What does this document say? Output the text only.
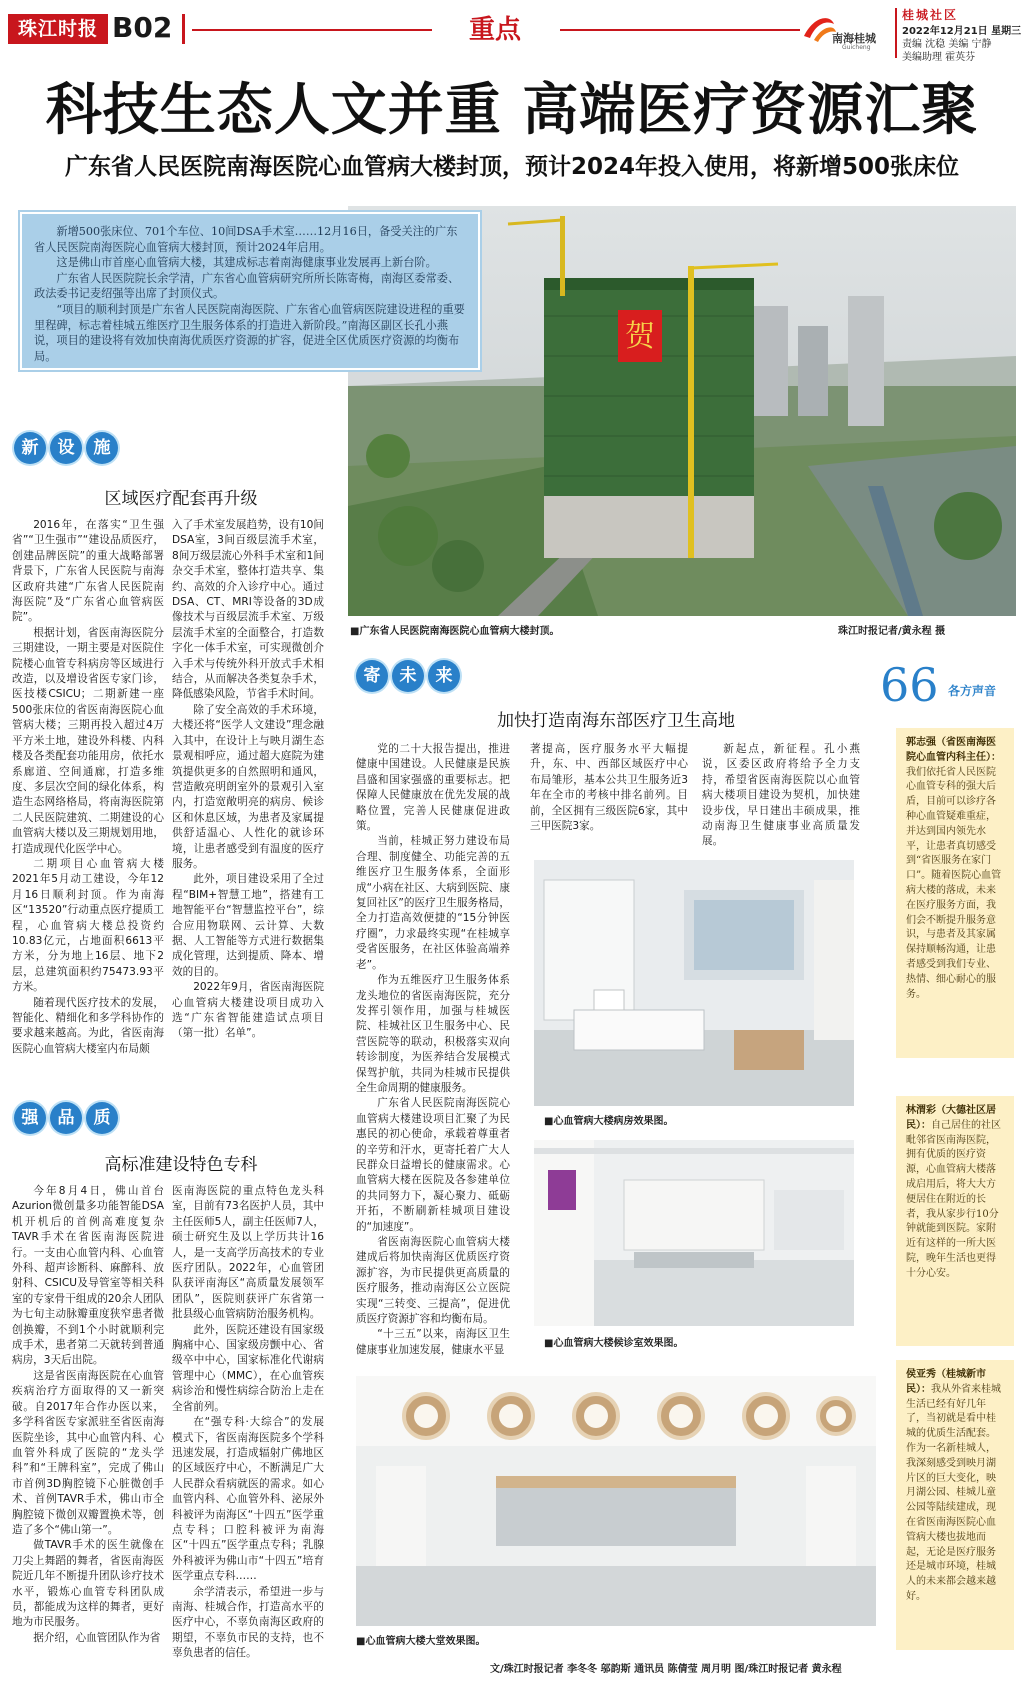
珠江时报 B02	重点	南海桂城
Guicheng
桂城社区
2022年12月21日 星期三
责编 沈稳 美编 宁静
美编助理 霍英芬
科技生态人文并重 高端医疗资源汇聚
广东省人民医院南海医院心血管病大楼封顶，预计2024年投入使用，将新增500张床位
贺
■广东省人民医院南海医院心血管病大楼封顶。	珠江时报记者/黄永程 摄

新增500张床位、701个车位、10间DSA手术室……12月16日，备受关注的广东省人民医院南海医院心血管病大楼封顶，预计2024年启用。

这是佛山市首座心血管病大楼，其建成标志着南海健康事业发展再上新台阶。

广东省人民医院院长余学清，广东省心血管病研究所所长陈寄梅，南海区委常委、政法委书记麦绍强等出席了封顶仪式。

“项目的顺利封顶是广东省人民医院南海医院、广东省心血管病医院建设进程的重要里程碑，标志着桂城五维医疗卫生服务体系的打造进入新阶段。”南海区副区长孔小燕说，项目的建设将有效加快南海优质医疗资源的扩容，促进全区优质医疗资源的均衡布局。

新	设	施
区域医疗配套再升级

2016年，在落实“卫生强省”“卫生强市”“建设品质医疗，创建品牌医院”的重大战略部署背景下，广东省人民医院与南海区政府共建“广东省人民医院南海医院”及“广东省心血管病医院”。

根据计划，省医南海医院分三期建设，一期主要是对医院住院楼心血管专科病房等区域进行改造，以及增设省医专家门诊，医技楼CSICU；二期新建一座500张床位的省医南海医院心血管病大楼；三期再投入超过4万平方米土地，建设外科楼、内科楼及各类配套功能用房，依托水系廊道、空间通廊，打造多维度、多层次空间的绿化体系，构造生态网络格局，将南海医院第二人民医院建筑、二期建设的心血管病大楼以及三期规划用地，打造成现代化医学中心。

二期项目心血管病大楼2021年5月动工建设，今年12月16日顺利封顶。作为南海区“13520”行动重点医疗提质工程，心血管病大楼总投资约10.83亿元，占地面积6613平方米，分为地上16层、地下2层，总建筑面积约75473.93平方米。

随着现代医疗技术的发展，智能化、精细化和多学科协作的要求越来越高。为此，省医南海医院心血管病大楼室内布局颇

入了手术室发展趋势，设有10间DSA室，3间百级层流手术室，8间万级层流心外科手术室和1间杂交手术室，整体打造共享、集约、高效的介入诊疗中心。通过DSA、CT、MRI等设备的3D成像技术与百级层流手术室、万级层流手术室的全面整合，打造数字化一体手术室，可实现微创介入手术与传统外科开放式手术相结合，从而解决各类复杂手术，降低感染风险，节省手术时间。

除了安全高效的手术环境，大楼还将“医学人文建设”理念融入其中，在设计上与映月湖生态景观相呼应，通过超大庭院为建筑提供更多的自然照明和通风，营造敞亮明朗室外的景观引入室内，打造宽敞明亮的病房、候诊区和休息区域，为患者及家属提供舒适温心、人性化的就诊环境，让患者感受到有温度的医疗服务。

此外，项目建设采用了全过程“BIM+智慧工地”，搭建有工地智能平台“智慧监控平台”，综合应用物联网、云计算、大数据、人工智能等方式进行数据集成化管理，达到提质、降本、增效的目的。

2022年9月，省医南海医院心血管病大楼建设项目成功入选“广东省智能建造试点项目（第一批）名单”。

强	品	质
高标准建设特色专科

今年8月4日，佛山首台Azurion微创量多功能智能DSA机开机后的首例高难度复杂TAVR手术在省医南海医院进行。一支由心血管内科、心血管外科、超声诊断科、麻醉科、放射科、CSICU及导管室等相关科室的专家骨干组成的20余人团队为七旬主动脉瓣重度狭窄患者微创换瓣，不到1个小时就顺利完成手术，患者第二天就转到普通病房，3天后出院。

这是省医南海医院在心血管疾病治疗方面取得的又一新突破。自2017年合作办医以来，多学科省医专家派驻至省医南海医院坐诊，其中心血管内科、心血管外科成了医院的“龙头学科”和“王牌科室”，完成了佛山市首例3D胸腔镜下心脏微创手术、首例TAVR手术，佛山市全胸腔镜下微创双瓣置换术等，创造了多个“佛山第一”。

做TAVR手术的医生就像在刀尖上舞蹈的舞者，省医南海医院近几年不断提升团队诊疗技术水平，锻炼心血管专科团队成员，都能成为这样的舞者，更好地为市民服务。

据介绍，心血管团队作为省

医南海医院的重点特色龙头科室，目前有73名医护人员，其中主任医师5人，副主任医师7人，硕士研究生及以上学历共计16人，是一支高学历高技术的专业医疗团队。2022年，心血管团队获评南海区“高质量发展领军团队”，医院则获评广东省第一批县级心血管病防治服务机构。

此外，医院还建设有国家级胸痛中心、国家级房颤中心、省级卒中中心，国家标准化代谢病管理中心（MMC），在心血管疾病诊治和慢性病综合防治上走在全省前列。

在“强专科·大综合”的发展模式下，省医南海医院多个学科迅速发展，打造成辐射广佛地区的区域医疗中心，不断满足广大人民群众看病就医的需求。如心血管内科、心血管外科、泌尿外科被评为南海区“十四五”医学重点专科；口腔科被评为南海区“十四五”医学重点专科；乳腺外科被评为佛山市“十四五”培育医学重点专科……

余学清表示，希望进一步与南海、桂城合作，打造高水平的医疗中心，不辜负南海区政府的期望，不辜负市民的支持，也不辜负患者的信任。

寄	未	来
加快打造南海东部医疗卫生高地

党的二十大报告提出，推进健康中国建设。人民健康是民族昌盛和国家强盛的重要标志。把保障人民健康放在优先发展的战略位置，完善人民健康促进政策。

当前，桂城正努力建设布局合理、制度健全、功能完善的五维医疗卫生服务体系，全面形成“小病在社区、大病到医院、康复回社区”的医疗卫生服务格局，全力打造高效便捷的“15分钟医疗圈”，力求最终实现“在桂城享受省医服务，在社区体验高端养老”。

作为五维医疗卫生服务体系龙头地位的省医南海医院，充分发挥引领作用，加强与桂城医院、桂城社区卫生服务中心、民营医院等的联动，积极落实双向转诊制度，为医养结合发展模式保驾护航，共同为桂城市民提供全生命周期的健康服务。

广东省人民医院南海医院心血管病大楼建设项目汇聚了为民惠民的初心使命，承载着尊重者的辛劳和汗水，更寄托着广大人民群众日益增长的健康需求。心血管病大楼在医院及各参建单位的共同努力下，凝心聚力、砥砺开拓，不断刷新桂城项目建设的“加速度”。

省医南海医院心血管病大楼建成后将加快南海区优质医疗资源扩容，为市民提供更高质量的医疗服务，推动南海区公立医院实现“三转变、三提高”，促进优质医疗资源扩容和均衡布局。

“十三五”以来，南海区卫生健康事业加速发展，健康水平显

著提高，医疗服务水平大幅提升，东、中、西部区域医疗中心布局雏形，基本公共卫生服务近3年在全市的考核中排名前列。目前，全区拥有三级医院6家，其中三甲医院3家。

新起点，新征程。孔小燕说，区委区政府将给予全力支持，希望省医南海医院以心血管病大楼项目建设为契机，加快建设步伐，早日建出丰硕成果，推动南海卫生健康事业高质量发展。

■心血管病大楼病房效果图。
■心血管病大楼候诊室效果图。
■心血管病大楼大堂效果图。
66 各方声音
郭志强（省医南海医院心血管内科主任）：我们依托省人民医院心血管专科的强大后盾，目前可以诊疗各种心血管疑难重症，并达到国内领先水平，让患者真切感受到“省医服务在家门口”。随着医院心血管病大楼的落成，未来在医疗服务方面，我们会不断提升服务意识，与患者及其家属保持顺畅沟通，让患者感受到我们专业、热情、细心耐心的服务。
林渭彩（大德社区居民）：自己居住的社区毗邻省医南海医院，拥有优质的医疗资源，心血管病大楼落成启用后，将大大方便居住在附近的长者，我从家步行10分钟就能到医院。家附近有这样的一所大医院，晚年生活也更得十分心安。
侯亚秀（桂城新市民）：我从外省来桂城生活已经有好几年了，当初就是看中桂城的优质生活配套。作为一名新桂城人，我深刻感受到映月湖片区的巨大变化，映月湖公园、桂城儿童公园等陆续建成，现在省医南海医院心血管病大楼也拔地而起，无论是医疗服务还是城市环境，桂城人的未来都会越来越好。
文/珠江时报记者 李冬冬 邬韵斯 通讯员 陈倩莹 周月明 图/珠江时报记者 黄永程
